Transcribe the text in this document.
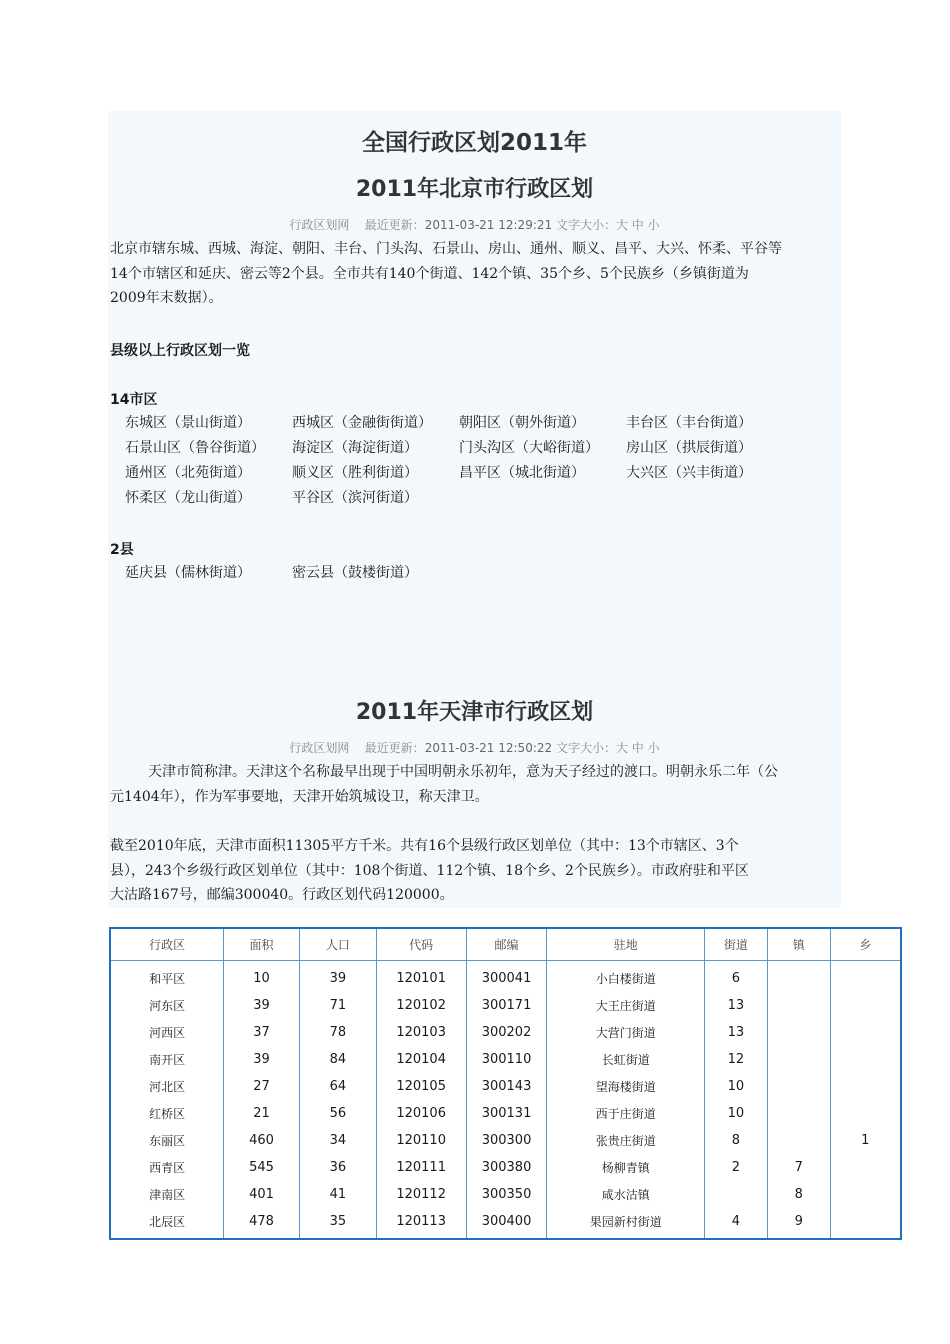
全国行政区划2011年
2011年北京市行政区划
行政区划网 最近更新：2011-03-21 12:29:21 文字大小：大 中 小
北京市辖东城、西城、海淀、朝阳、丰台、门头沟、石景山、房山、通州、顺义、昌平、大兴、怀柔、平谷等
14个市辖区和延庆、密云等2个县。全市共有140个街道、142个镇、35个乡、5个民族乡（乡镇街道为
2009年末数据）。
县级以上行政区划一览
14市区
东城区（景山街道）	西城区（金融街街道） 朝阳区（朝外街道）	丰台区（丰台街道）
石景山区（鲁谷街道） 海淀区（海淀街道）	门头沟区（大峪街道） 房山区（拱辰街道）
通州区（北苑街道）	顺义区（胜利街道）	昌平区（城北街道）	大兴区（兴丰街道）
怀柔区（龙山街道）	平谷区（滨河街道）
2县
延庆县（儒林街道）	密云县（鼓楼街道）
2011年天津市行政区划
行政区划网 最近更新：2011-03-21 12:50:22 文字大小：大 中 小
天津市简称津。天津这个名称最早出现于中国明朝永乐初年，意为天子经过的渡口。明朝永乐二年（公
元1404年），作为军事要地，天津开始筑城设卫，称天津卫。
截至2010年底，天津市面积11305平方千米。共有16个县级行政区划单位（其中：13个市辖区、3个
县），243个乡级行政区划单位（其中：108个街道、112个镇、18个乡、2个民族乡）。市政府驻和平区
大沽路167号，邮编300040。行政区划代码120000。
行政区	面积	人口	代码	邮编	驻地	街道	镇	乡
和平区	10	39	120101	300041	小白楼街道	6		
河东区	39	71	120102	300171	大王庄街道	13		
河西区	37	78	120103	300202	大营门街道	13		
南开区	39	84	120104	300110	长虹街道	12		
河北区	27	64	120105	300143	望海楼街道	10		
红桥区	21	56	120106	300131	西于庄街道	10		
东丽区	460	34	120110	300300	张贵庄街道	8		1
西青区	545	36	120111	300380	杨柳青镇	2	7	
津南区	401	41	120112	300350	咸水沽镇		8	
北辰区	478	35	120113	300400	果园新村街道	4	9	
